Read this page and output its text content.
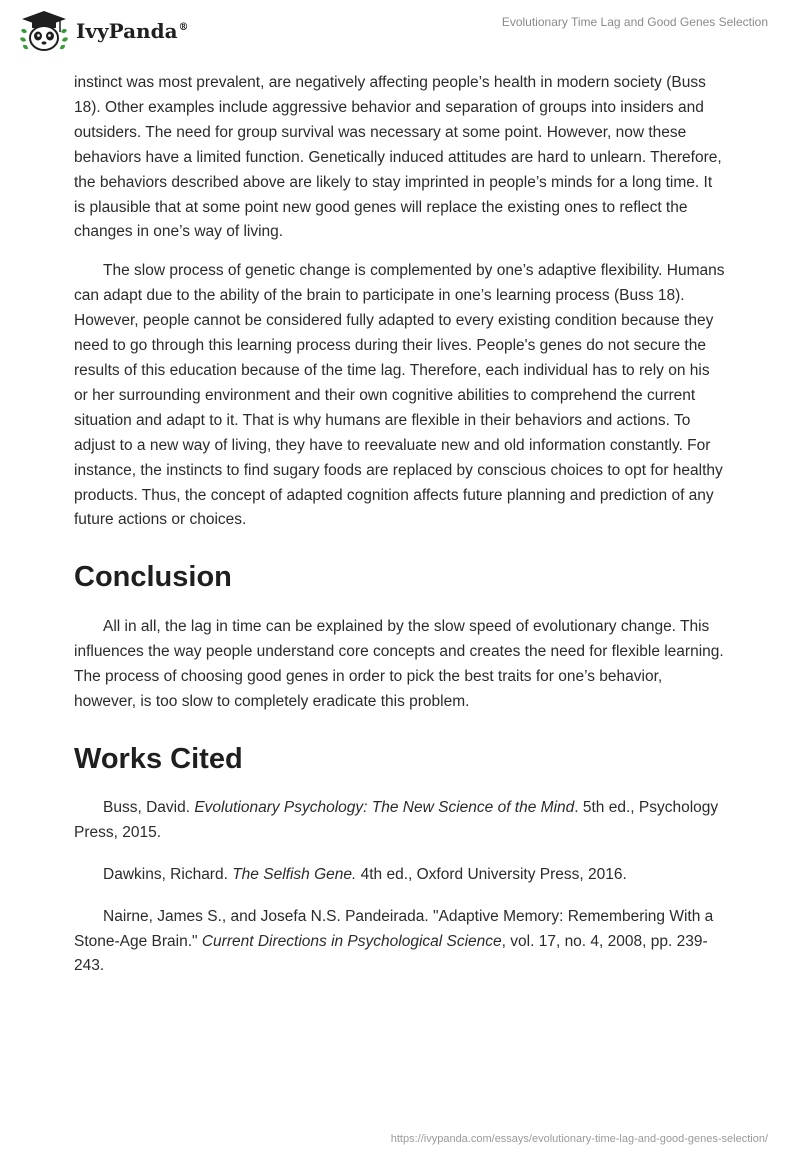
IvyPanda®	Evolutionary Time Lag and Good Genes Selection

instinct was most prevalent, are negatively affecting people’s health in modern society (Buss 18). Other examples include aggressive behavior and separation of groups into insiders and outsiders. The need for group survival was necessary at some point. However, now these behaviors have a limited function. Genetically induced attitudes are hard to unlearn. Therefore, the behaviors described above are likely to stay imprinted in people’s minds for a long time. It is plausible that at some point new good genes will replace the existing ones to reflect the changes in one’s way of living.

The slow process of genetic change is complemented by one’s adaptive flexibility. Humans can adapt due to the ability of the brain to participate in one’s learning process (Buss 18). However, people cannot be considered fully adapted to every existing condition because they need to go through this learning process during their lives. People's genes do not secure the results of this education because of the time lag. Therefore, each individual has to rely on his or her surrounding environment and their own cognitive abilities to comprehend the current situation and adapt to it. That is why humans are flexible in their behaviors and actions. To adjust to a new way of living, they have to reevaluate new and old information constantly. For instance, the instincts to find sugary foods are replaced by conscious choices to opt for healthy products. Thus, the concept of adapted cognition affects future planning and prediction of any future actions or choices.

Conclusion

All in all, the lag in time can be explained by the slow speed of evolutionary change. This influences the way people understand core concepts and creates the need for flexible learning. The process of choosing good genes in order to pick the best traits for one’s behavior, however, is too slow to completely eradicate this problem.

Works Cited

Buss, David. Evolutionary Psychology: The New Science of the Mind. 5th ed., Psychology Press, 2015.

Dawkins, Richard. The Selfish Gene. 4th ed., Oxford University Press, 2016.

Nairne, James S., and Josefa N.S. Pandeirada. "Adaptive Memory: Remembering With a Stone-Age Brain." Current Directions in Psychological Science, vol. 17, no. 4, 2008, pp. 239-243.

https://ivypanda.com/essays/evolutionary-time-lag-and-good-genes-selection/
